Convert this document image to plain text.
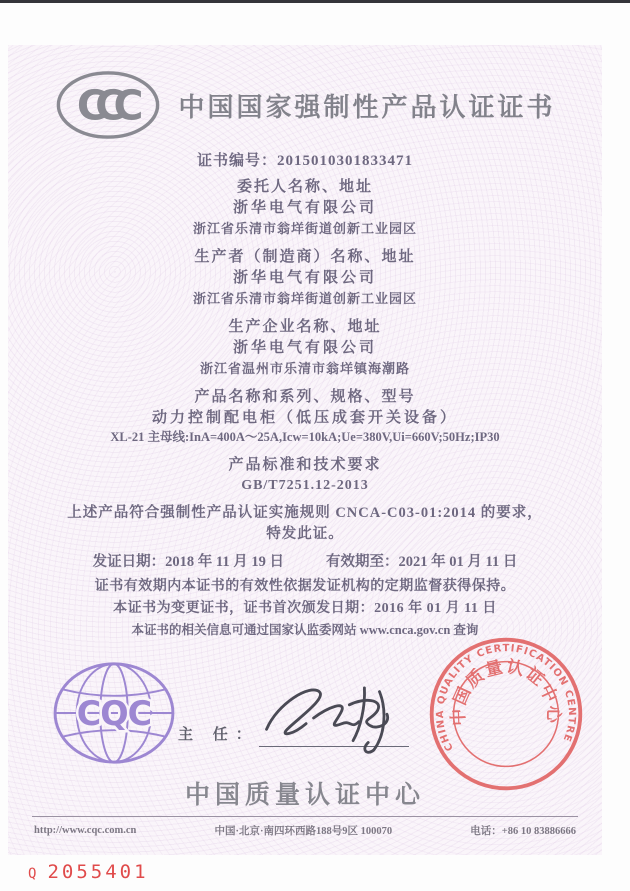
CCC	中国国家强制性产品认证证书
证书编号：2015010301833471
委托人名称、地址
浙华电气有限公司
浙江省乐清市翁垟街道创新工业园区
生产者（制造商）名称、地址
浙华电气有限公司
浙江省乐清市翁垟街道创新工业园区
生产企业名称、地址
浙华电气有限公司
浙江省温州市乐清市翁垟镇海潮路
产品名称和系列、规格、型号
动力控制配电柜（低压成套开关设备）
XL-21 主母线:InA=400A～25A,Icw=10kA;Ue=380V,Ui=660V;50Hz;IP30
产品标准和技术要求
GB/T7251.12-2013
上述产品符合强制性产品认证实施规则 CNCA-C03-01:2014 的要求，
特发此证。
发证日期：2018 年 11 月 19 日	有效期至：2021 年 01 月 11 日
证书有效期内本证书的有效性依据发证机构的定期监督获得保持。
本证书为变更证书，证书首次颁发日期：2016 年 01 月 11 日
本证书的相关信息可通过国家认监委网站 www.cnca.gov.cn 查询
CQC
主 任：
CHINA QUALITY CERTIFICATION CENTRE
中国质量认证中心
中国质量认证中心
http://www.cqc.com.cn	中国·北京·南四环西路188号9区 100070	电话：+86 10 83886666
Q 2055401
